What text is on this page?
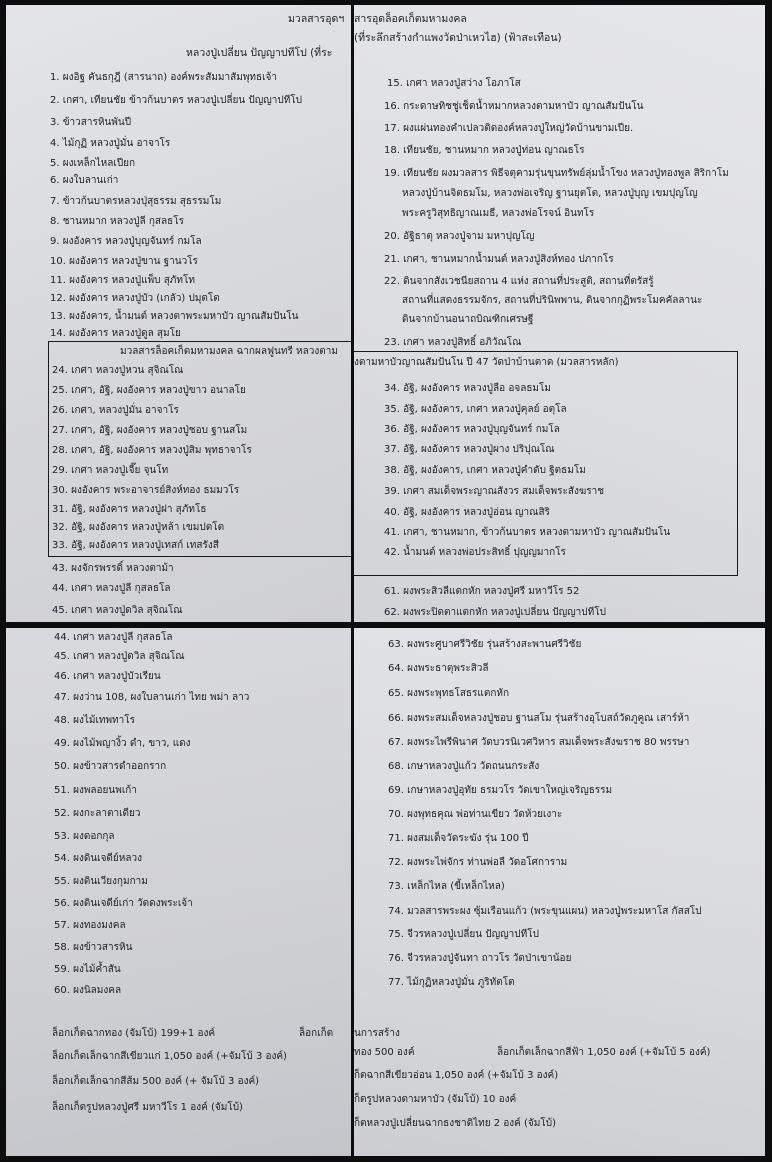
มวลสารอุดฯ
หลวงปู่เปลี่ยน ปัญญาปทีโป (ที่ระ
1. ผงอิฐ คันธกุฎี (สารนาถ) องค์พระสัมมาสัมพุทธเจ้า
2. เกศา, เทียนชัย ข้าวก้นบาตร หลวงปู่เปลี่ยน ปัญญาปทีโป
3. ข้าวสารหินพันปี
4. ไม้กุฏิ หลวงปู่มั่น อาจาโร
5. ผงเหล็กไหลเปียก
6. ผงใบลานเก่า
7. ข้าวก้นบาตรหลวงปุ่สุธรรม สุธรรมโม
8. ชานหมาก หลวงปู่ลี กุสลธโร
9. ผงอังคาร หลวงปู่บุญจันทร์ กมโล
10. ผงอังคาร หลวงปู่ขาน ฐานวโร
11. ผงอังคาร หลวงปู่แพ็บ สุภัทโท
12. ผงอังคาร หลวงปู่บัว (เกลัว) ปมุตโต
13. ผงอังคาร, น้ำมนต์ หลวงตาพระมหาบัว ญาณสัมปันโน
14. ผงอังคาร หลวงปู่ดูล สุมโย
มวลสารล็อคเก็ตมหามงคล ฉากผลฟูนทรี หลวงตาม
24. เกศา หลวงปู่หวน สุจิณโณ
25. เกศา, อัฐิ, ผงอังคาร หลวงปู่ขาว อนาลโย
26. เกศา, หลวงปู่มั่น อาจาโร
27. เกศา, อัฐิ, ผงอังคาร หลวงปู่ชอบ ฐานสโม
28. เกศา, อัฐิ, ผงอังคาร หลวงปู่สิม พุทธาจาโร
29. เกศา หลวงปู่เจี๊ย จุนโท
30. ผงอังคาร พระอาจารย์สิงห์ทอง ธมมวโร
31. อัฐิ, ผงอังคาร หลวงปู่ฝา สุภัทโธ
32. อัฐิ, ผงอังคาร หลวงปู่หล้า เขมปตโต
33. อัฐิ, ผงอังคาร หลวงปู่เทสก์ เทสรังสี
43. ผงจักรพรรดิ์ หลวงตาม้า
44. เกศา หลวงปู่ลี กุสลธโล
45. เกศา หลวงปู่ดวิล สุจิณโณ
สารอุดล็อคเก็ตมหามงคล
(ที่ระลึกสร้างกำแพงวัดป่าเหวไฮ) (ฟ้าสะเทือน)
15. เกศา หลวงปู่สว่าง โอภาโส
16. กระดาษทิชชู่เช็ดน้ำหมากหลวงตามหาบัว ญาณสัมปันโน
17. ผงแผ่นทองคำเปลวติดองค์หลวงปู่ใหญ่วัดบ้านขามเปีย.
18. เทียนชัย, ชานหมาก หลวงปู่ท่อน ญาณธโร
19. เทียนชัย ผงมวลสาร พิธีจตุคามรุ่นขุนทรัพย์ลุ่มน้ำโขง หลวงปู่ทองพูล สิริกาโม
หลวงปู่บ้านจิตธมโม, หลวงพ่อเจริญ ฐานยุตโต, หลวงปู่บุญ เขมปุญโญ
พระครูวิสุทธิญาณเมธี, หลวงพ่อโรจน์ อินทโร
20. อัฐิธาตุ หลวงปู่จาม มหาปุญโญ
21. เกศา, ชานหมากน้ำมนต์ หลวงปู่สิงห์ทอง ปภากโร
22. ดินจากสังเวชนียสถาน 4 แห่ง สถานที่ประสูติ, สถานที่ตรัสรู้
สถานที่แสดงธรรมจักร, สถานที่ปรินิพพาน, ดินจากกุฏิพระโมคคัลลานะ
ดินจากบ้านอนาถบิณฑิกเศรษฐี
23. เกศา หลวงปู่สิทธิ์ อภิวัณโณ
งตามหาบัวญาณสัมปันโน ปี 47 วัดป่าบ้านตาด (มวลสารหลัก)
34. อัฐิ, ผงอังคาร หลวงปู่ลือ อจลธมโม
35. อัฐิ, ผงอังคาร, เกศา หลวงปู่คุลย์ อตุโล
36. อัฐิ, ผงอังคาร หลวงปู่บุญจันทร์ กมโล
37. อัฐิ, ผงอังคาร หลวงปู่ผาง ปริปุณโณ
38. อัฐิ, ผงอังคาร, เกศา หลวงปู่คำดับ ฐิตธมโม
39. เกศา สมเด็จพระญาณสังวร สมเด็จพระสังฆราช
40. อัฐิ, ผงอังคาร หลวงปู่อ่อน ญาณสิริ
41. เกศา, ชานหมาก, ข้าวก้นบาตร หลวงตามหาบัว ญาณสัมปันโน
42. น้ำมนต์ หลวงพ่อประสิทธิ์ ปุญญมากโร
61. ผงพระสิวลีแตกหัก หลวงปู่ศรี มหาวีโร 52
62. ผงพระปิดตาแตกหัก หลวงปู่เปลี่ยน ปัญญาปทีโป
44. เกศา หลวงปู่ลี กุสลธโล
45. เกศา หลวงปู่ดวิล สุจิณโณ
46. เกศา หลวงปู่บัวเรียน
47. ผงว่าน 108, ผงใบลานเก่า ไทย พม่า ลาว
48. ผงไม้เทพทาโร
49. ผงไม้พญางิ้ว ดำ, ขาว, แดง
50. ผงข้าวสารดำออกราก
51. ผงพลอยนพเก้า
52. ผงกะลาตาเดียว
53. ผงดอกกุล
54. ผงดินเจดีย์หลวง
55. ผงดินเวียงกุมกาม
56. ผงดินเจดีย์เก่า วัดดงพระเจ้า
57. ผงทองมงคล
58. ผงข้าวสารหิน
59. ผงไม้ค้ำสัน
60. ผงนิลมงคล
ล็อกเก็ตฉากทอง (จัมโบ้) 199+1 องค์	ล็อกเก็ต
ล็อกเก็ตเล็กฉากสีเขียวแก่ 1,050 องค์ (+จัมโบ้ 3 องค์)
ล็อกเก็ตเล็กฉากสีส้ม 500 องค์ (+ จัมโบ้ 3 องค์)
ล็อกเก็ตรูปหลวงปู่ศรี มหาวีโร 1 องค์ (จัมโบ้)
63. ผงพระศูบาศรีวิชัย รุ่นสร้างสะพานศรีวิชัย
64. ผงพระธาตุพระสิวลี
65. ผงพระพุทธโสธรแตกหัก
66. ผงพระสมเด็จหลวงปู่ชอบ ฐานสโม รุ่นสร้างอุโบสถ์วัดภูคูณ เสาร์ห้า
67. ผงพระไพรีพินาศ วัดบวรนิเวศวิหาร สมเด็จพระสังฆราช 80 พรรษา
68. เกษาหลวงปู่แก้ว วัดถนนกระสัง
69. เกษาหลวงปู่อุทัย ธรมวโร วัดเขาใหญ่เจริญธรรม
70. ผงพุทธคุณ พ่อท่านเขียว วัดห้วยเงาะ
71. ผงสมเด็จวัดระฆัง รุ่น 100 ปี
72. ผงพระไพ่จักร ท่านพ่อลี วัดอโศการาม
73. เหล็กไหล (ขี้เหล็กไหล)
74. มวลสารพระผง ซุ้มเรือนแก้ว (พระขุนแผน) หลวงปู่พระมหาโส กัสสโป
75. จีวรหลวงปู่เปลี่ยน ปัญญาปทีโป
76. จีวรหลวงปู่จันทา ถาวโร วัดป่าเขาน้อย
77. ไม้กุฏิหลวงปู่มั่น ภูริทัตโต
นการสร้าง
ทอง 500 องค์	ล็อกเก็ตเล็กฉากสีฟ้า 1,050 องค์ (+จัมโบ้ 5 องค์)
ก็ตฉากสีเขียวอ่อน 1,050 องค์ (+จัมโบ้ 3 องค์)
ก็ตรูปหลวงตามหาบัว (จัมโบ้) 10 องค์
ก็ตหลวงปู่เปลี่ยนฉากธงชาติไทย 2 องค์ (จัมโบ้)
